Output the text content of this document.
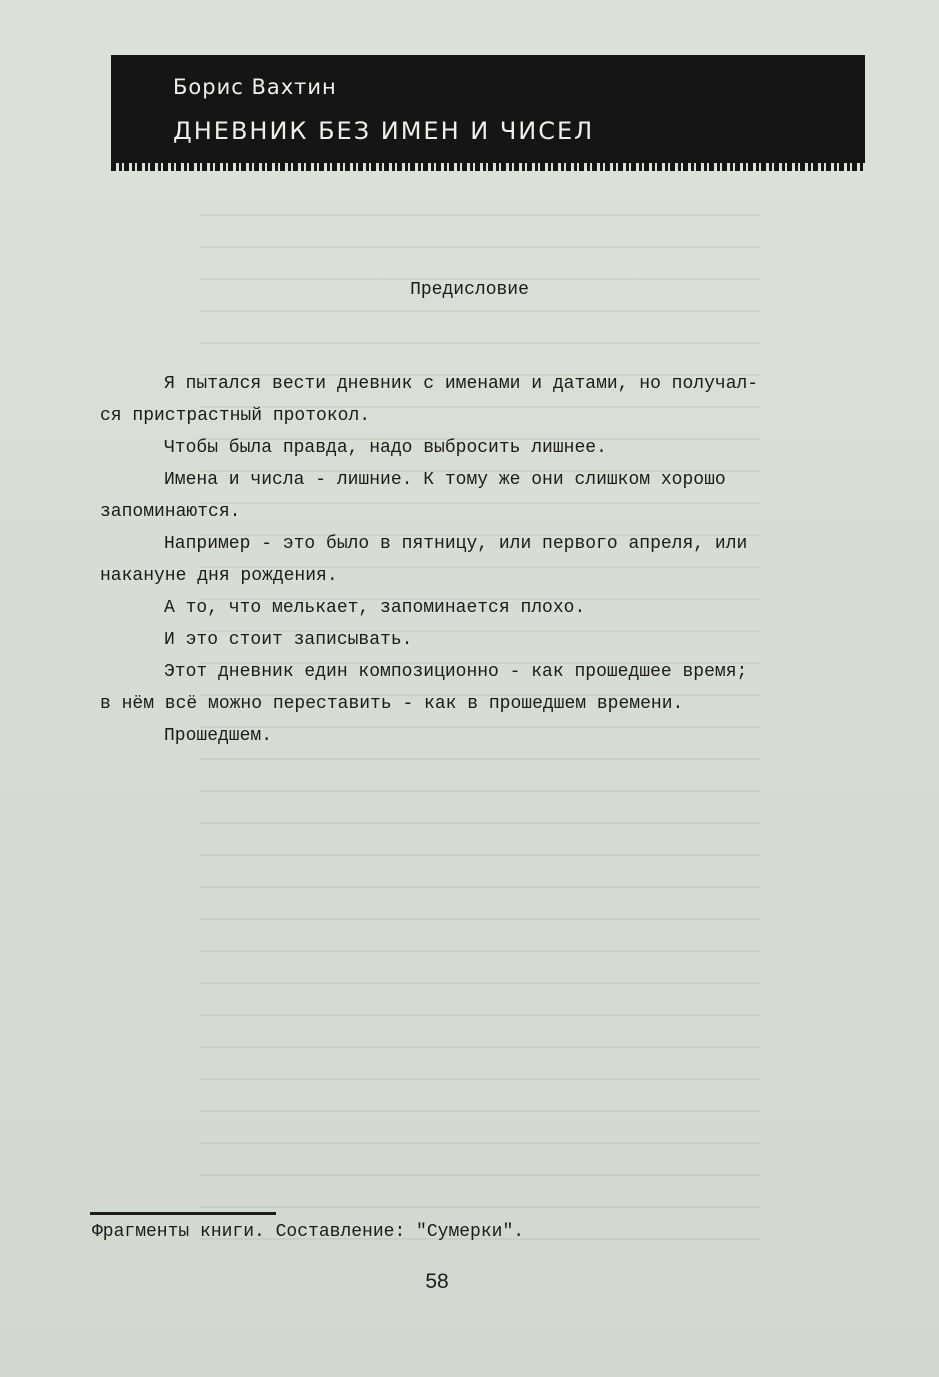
Борис Вахтин
ДНЕВНИК БЕЗ ИМЕН И ЧИСЕЛ
Предисловие
Я пытался вести дневник с именами и датами, но получал-
ся пристрастный протокол.
Чтобы была правда, надо выбросить лишнее.
Имена и числа - лишние. К тому же они слишком хорошо
запоминаются.
Например - это было в пятницу, или первого апреля, или
накануне дня рождения.
А то, что мелькает, запоминается плохо.
И это стоит записывать.
Этот дневник един композиционно - как прошедшее время;
в нём всё можно переставить - как в прошедшем времени.
Прошедшем.
Фрагменты книги. Составление: "Сумерки".
58
